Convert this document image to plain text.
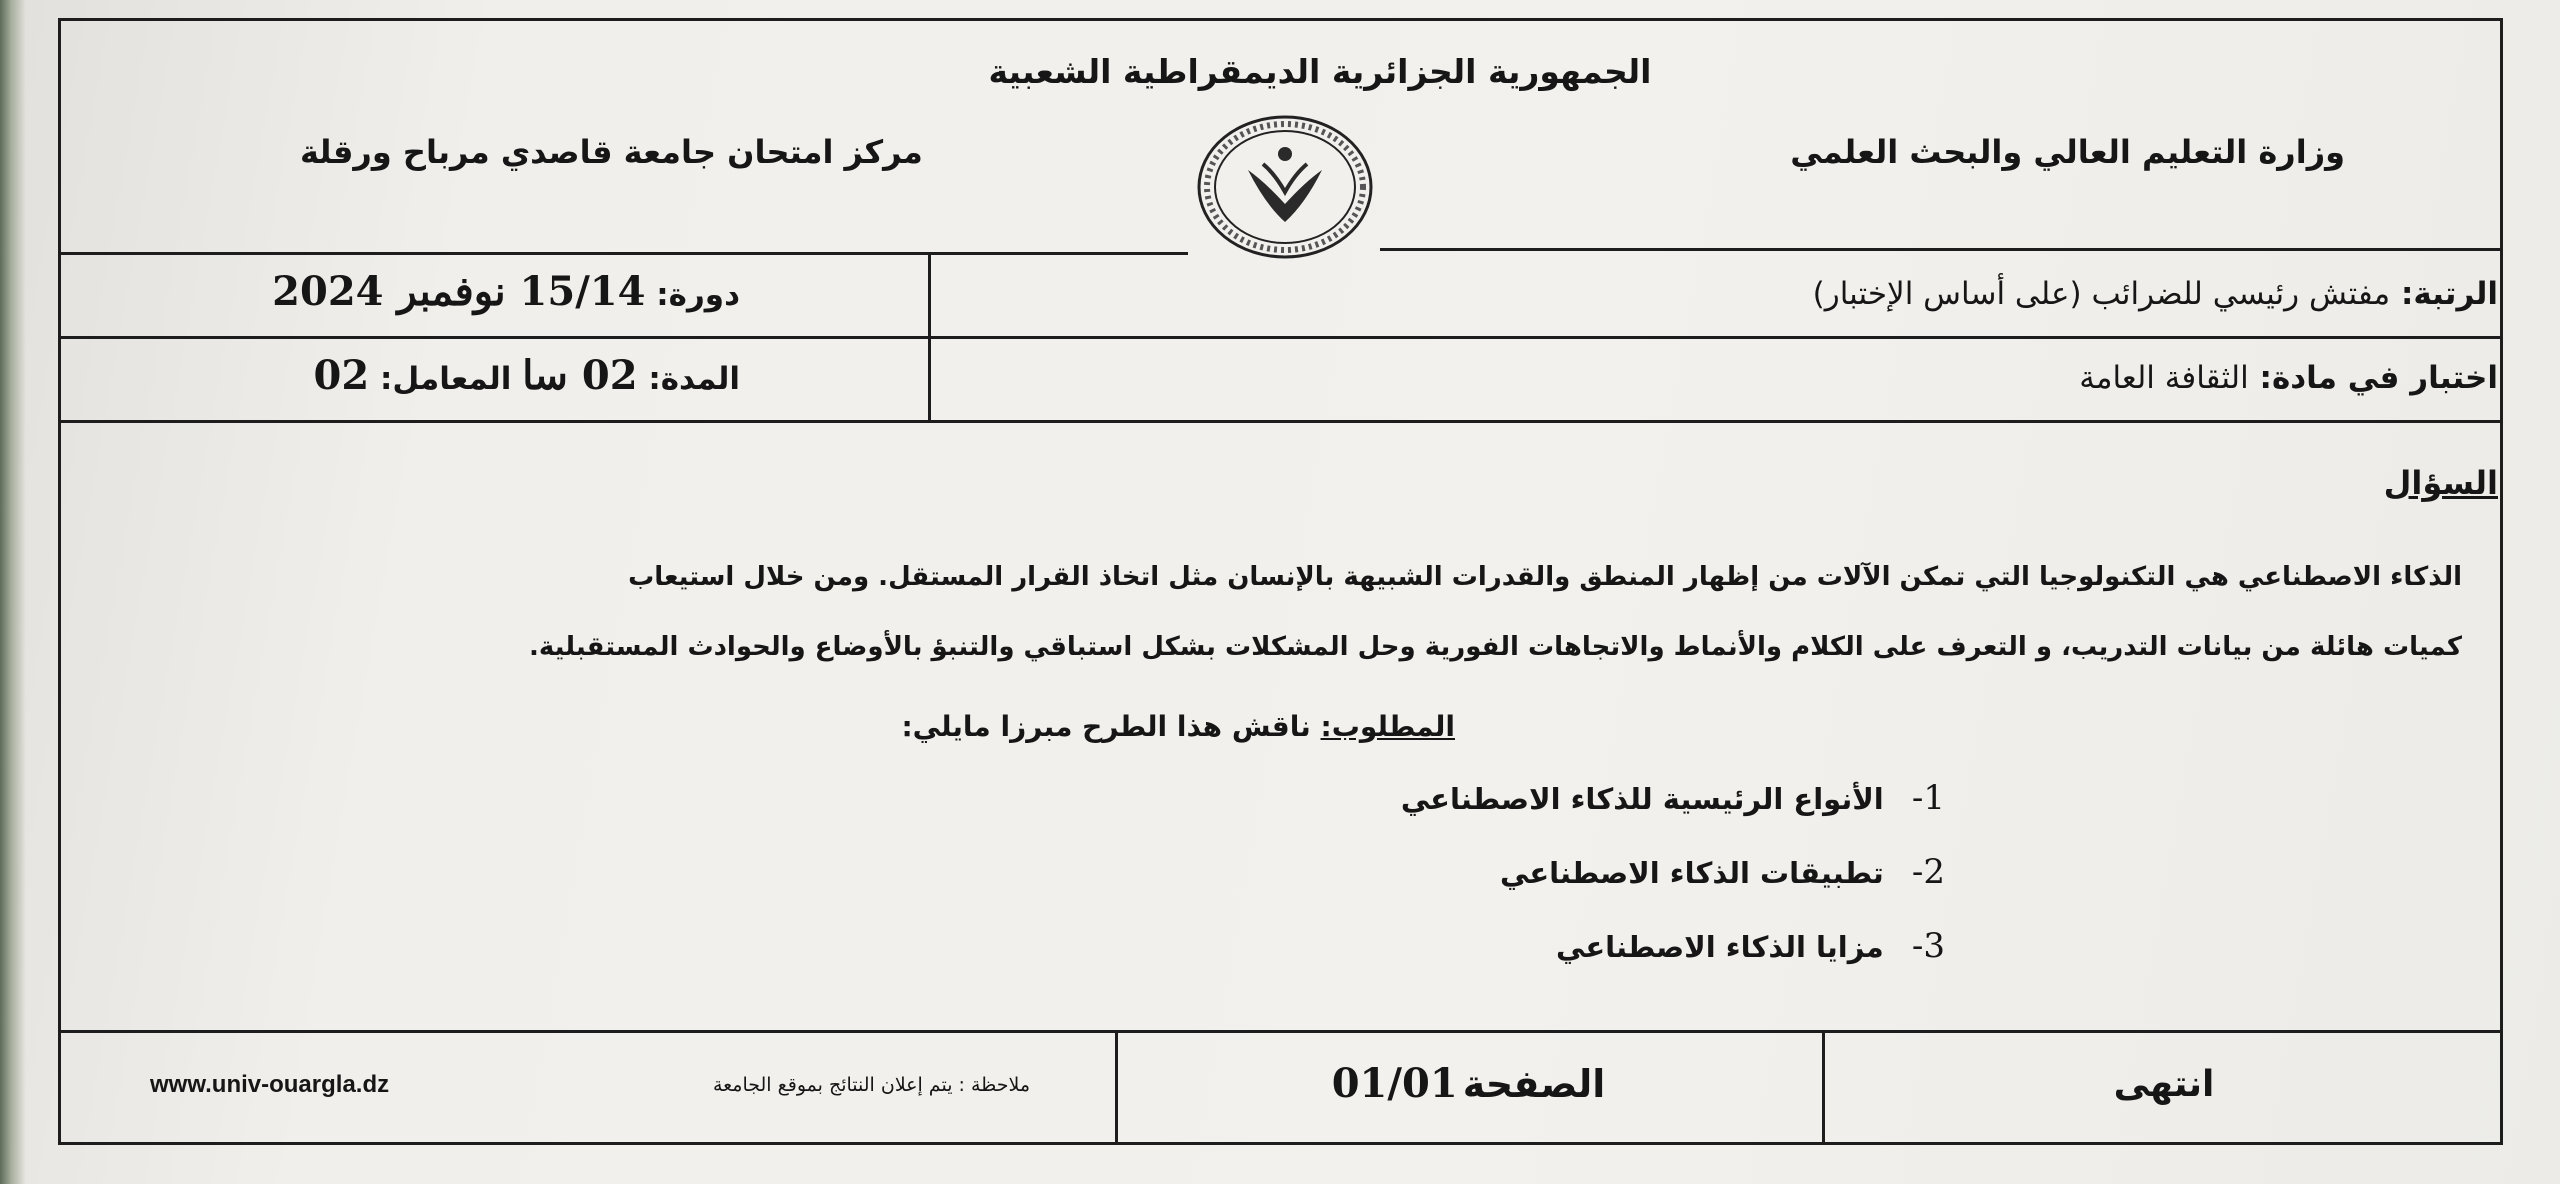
الجمهورية الجزائرية الديمقراطية الشعبية
وزارة التعليم العالي والبحث العلمي
مركز امتحان جامعة قاصدي مرباح ورقلة
الرتبة: مفتش رئيسي للضرائب (على أساس الإختبار)
دورة: 15/14 نوفمبر 2024
اختبار في مادة: الثقافة العامة
المدة: 02 سا المعامل: 02
السؤال
الذكاء الاصطناعي هي التكنولوجيا التي تمكن الآلات من إظهار المنطق والقدرات الشبيهة بالإنسان مثل اتخاذ القرار المستقل. ومن خلال استيعاب
كميات هائلة من بيانات التدريب، و التعرف على الكلام والأنماط والاتجاهات الفورية وحل المشكلات بشكل استباقي والتنبؤ بالأوضاع والحوادث المستقبلية.
المطلوب: ناقش هذا الطرح مبرزا مايلي:
1- الأنواع الرئيسية للذكاء الاصطناعي
2- تطبيقات الذكاء الاصطناعي
3- مزايا الذكاء الاصطناعي
ملاحظة : يتم إعلان النتائج بموقع الجامعة
www.univ-ouargla.dz	الصفحة 01/01	انتهى
